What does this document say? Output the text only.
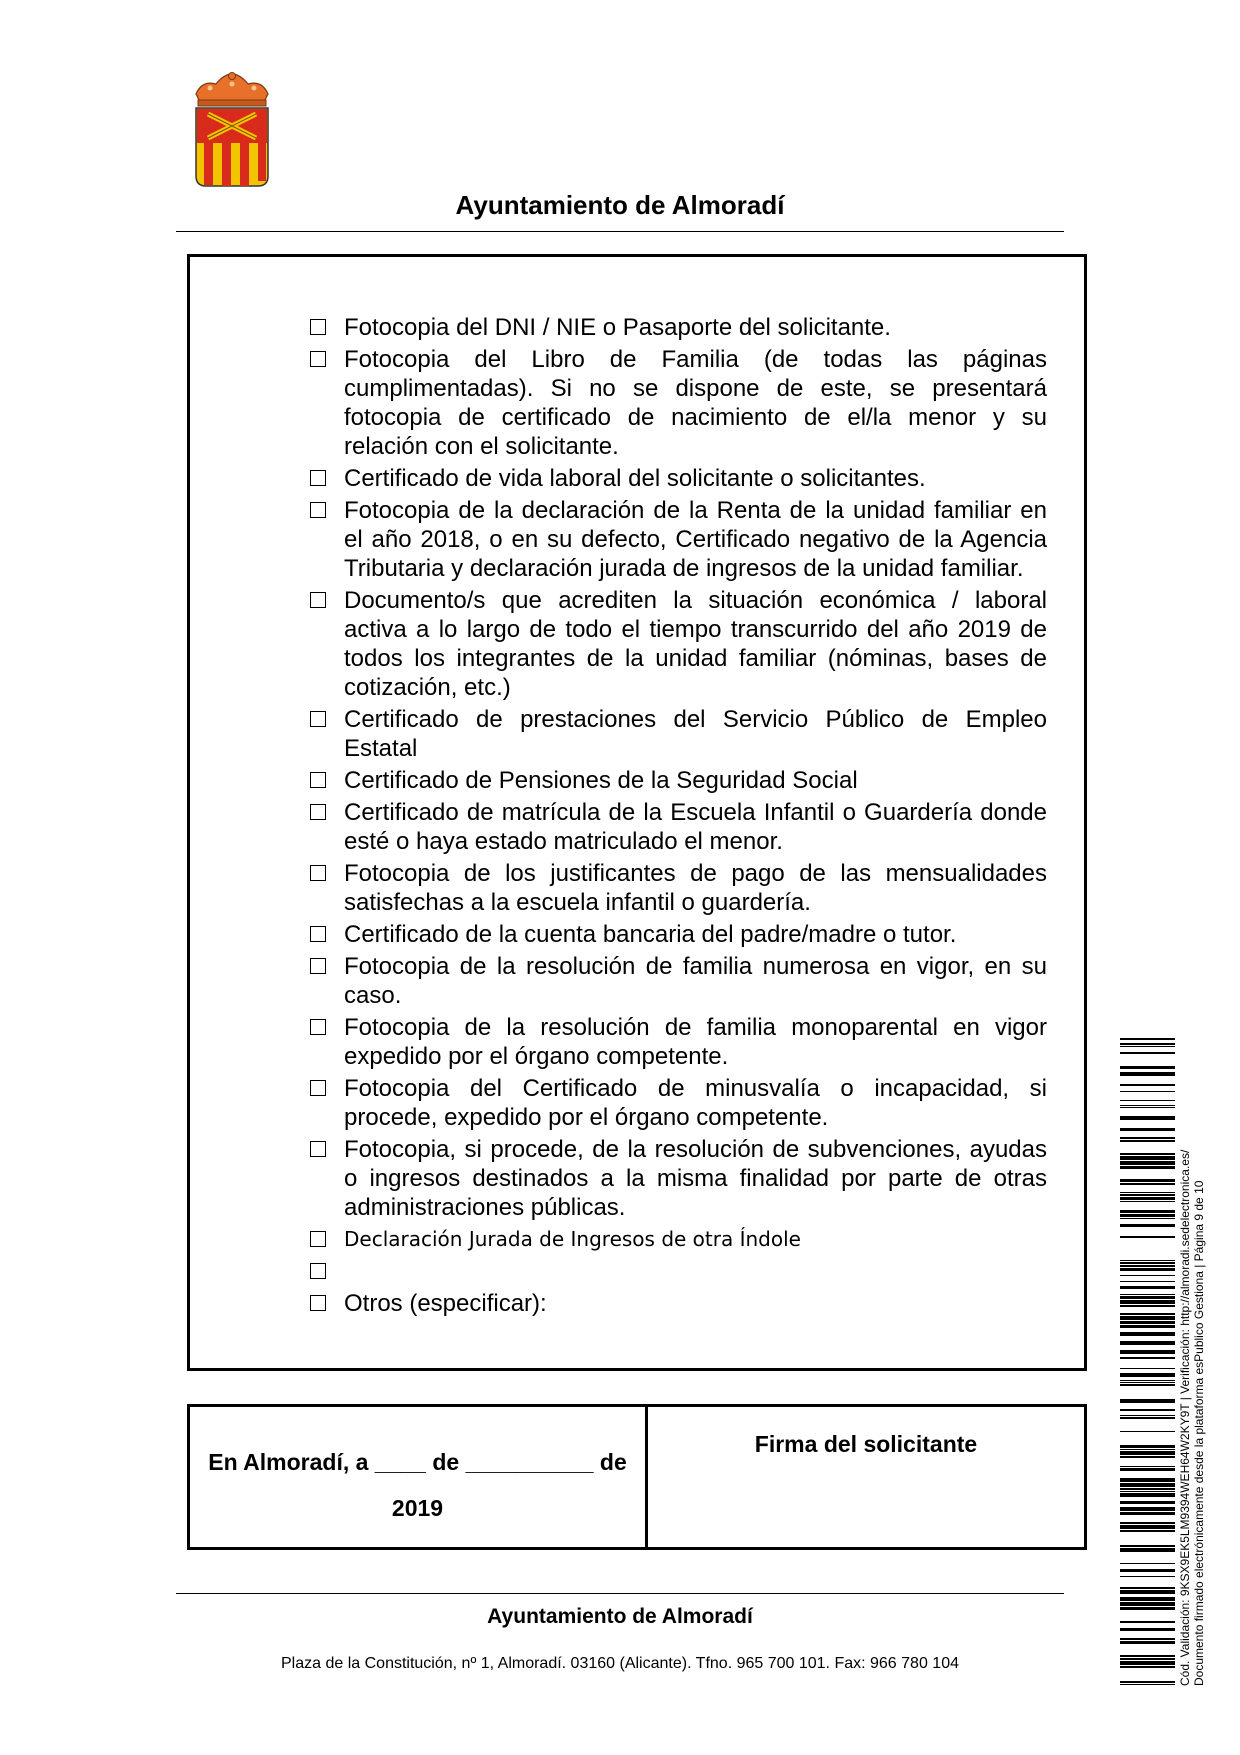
Ayuntamiento de Almoradí
Fotocopia del DNI / NIE o Pasaporte del solicitante.
Fotocopia del Libro de Familia (de todas las páginas cumplimentadas). Si no se dispone de este, se presentará fotocopia de certificado de nacimiento de el/la menor y su relación con el solicitante.
Certificado de vida laboral del solicitante o solicitantes.
Fotocopia de la declaración de la Renta de la unidad familiar en el año 2018, o en su defecto, Certificado negativo de la Agencia Tributaria y declaración jurada de ingresos de la unidad familiar.
Documento/s que acrediten la situación económica / laboral activa a lo largo de todo el tiempo transcurrido del año 2019 de todos los integrantes de la unidad familiar (nóminas, bases de cotización, etc.)
Certificado de prestaciones del Servicio Público de Empleo Estatal
Certificado de Pensiones de la Seguridad Social
Certificado de matrícula de la Escuela Infantil o Guardería donde esté o haya estado matriculado el menor.
Fotocopia de los justificantes de pago de las mensualidades satisfechas a la escuela infantil o guardería.
Certificado de la cuenta bancaria del padre/madre o tutor.
Fotocopia de la resolución de familia numerosa en vigor, en su caso.
Fotocopia de la resolución de familia monoparental en vigor expedido por el órgano competente.
Fotocopia del Certificado de minusvalía o incapacidad, si procede, expedido por el órgano competente.
Fotocopia, si procede, de la resolución de subvenciones, ayudas o ingresos destinados a la misma finalidad por parte de otras administraciones públicas.
Declaración Jurada de Ingresos de otra Índole
Otros (especificar):
En Almoradí, a ____ de __________ de
2019
Firma del solicitante
Ayuntamiento de Almoradí
Plaza de la Constitución, nº 1, Almoradí. 03160 (Alicante). Tfno. 965 700 101. Fax: 966 780 104	Cód. Validación: 9KSX9EK5LM9394WEH64W2KY9T | Verificación: http://almoradi.sedelectronica.es/ Documento firmado electrónicamente desde la plataforma esPublico Gestiona | Página 9 de 10
